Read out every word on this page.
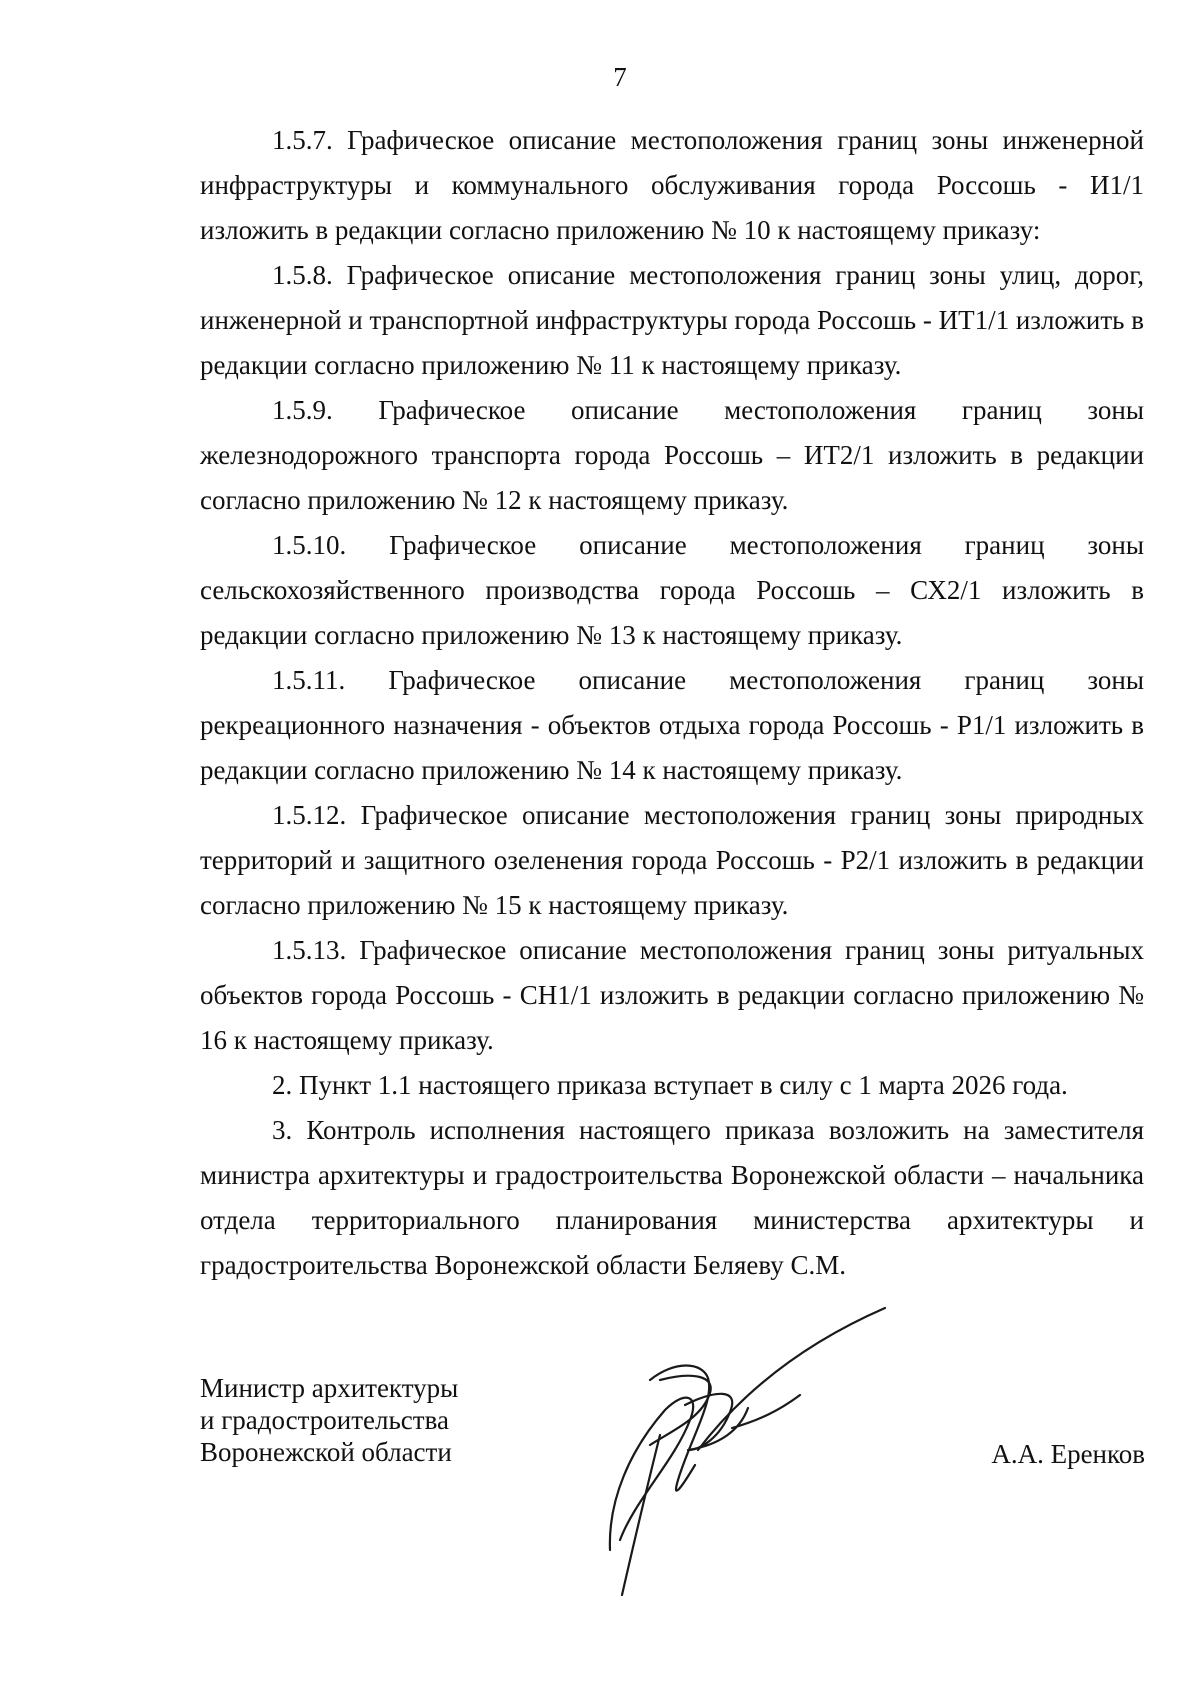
7

1.5.7. Графическое описание местоположения границ зоны инженерной инфраструктуры и коммунального обслуживания города Россошь - И1/1 изложить в редакции согласно приложению № 10 к настоящему приказу:

1.5.8. Графическое описание местоположения границ зоны улиц, дорог, инженерной и транспортной инфраструктуры города Россошь - ИТ1/1 изложить в редакции согласно приложению № 11 к настоящему приказу.

1.5.9. Графическое описание местоположения границ зоны железнодорожного транспорта города Россошь – ИТ2/1 изложить в редакции согласно приложению № 12 к настоящему приказу.

1.5.10. Графическое описание местоположения границ зоны сельскохозяйственного производства города Россошь – СХ2/1 изложить в редакции согласно приложению № 13 к настоящему приказу.

1.5.11. Графическое описание местоположения границ зоны рекреационного назначения - объектов отдыха города Россошь - Р1/1 изложить в редакции согласно приложению № 14 к настоящему приказу.

1.5.12. Графическое описание местоположения границ зоны природных территорий и защитного озеленения города Россошь - Р2/1 изложить в редакции согласно приложению № 15 к настоящему приказу.

1.5.13. Графическое описание местоположения границ зоны ритуальных объектов города Россошь - СН1/1 изложить в редакции согласно приложению № 16 к настоящему приказу.

2. Пункт 1.1 настоящего приказа вступает в силу с 1 марта 2026 года.

3. Контроль исполнения настоящего приказа возложить на заместителя министра архитектуры и градостроительства Воронежской области – начальника отдела территориального планирования министерства архитектуры и градостроительства Воронежской области Беляеву С.М.

Министр архитектуры
и градостроительства
Воронежской области	А.А. Еренков
